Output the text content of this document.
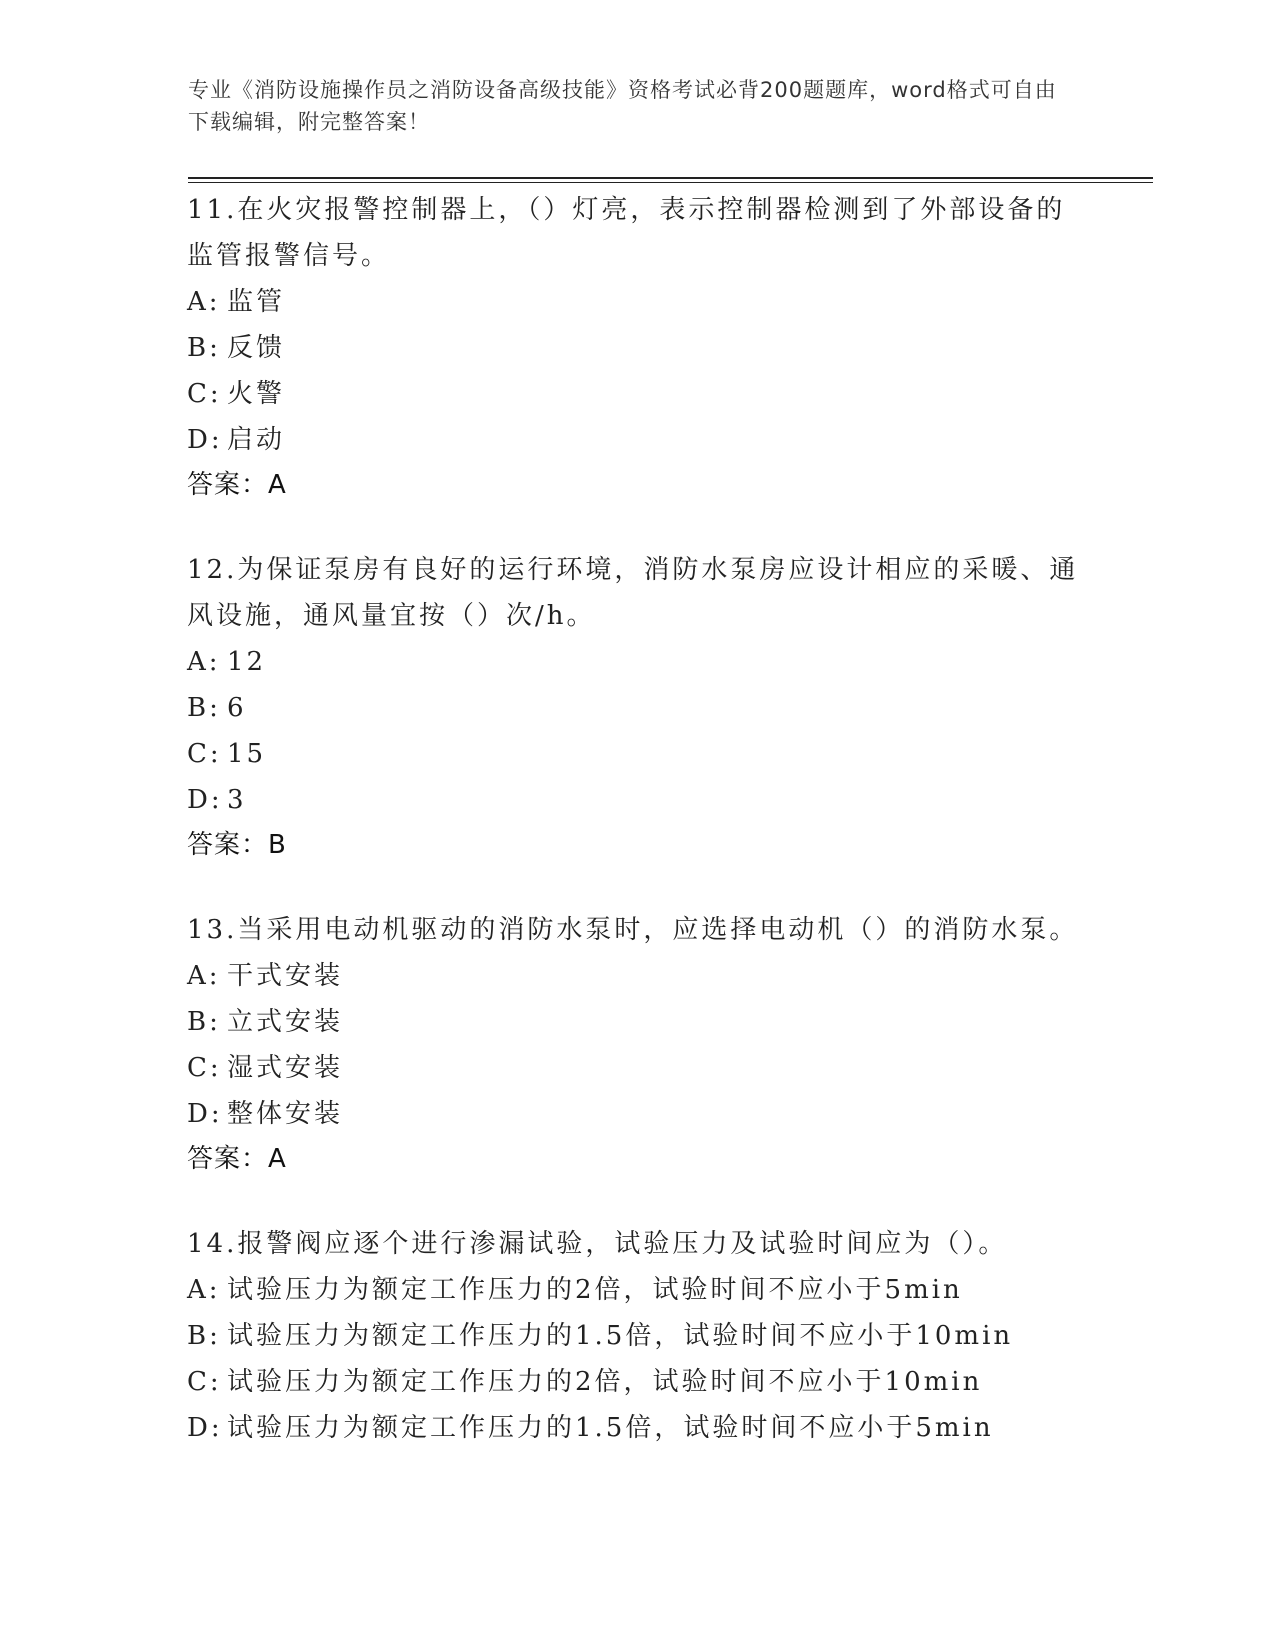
专业《消防设施操作员之消防设备高级技能》资格考试必背200题题库，word格式可自由下载编辑，附完整答案！

11.在火灾报警控制器上，（）灯亮，表示控制器检测到了外部设备的监管报警信号。

A: 监管

B: 反馈

C: 火警

D: 启动

答案：A

12.为保证泵房有良好的运行环境，消防水泵房应设计相应的采暖、通风设施，通风量宜按（）次/h。

A: 12

B: 6

C: 15

D: 3

答案：B

13.当采用电动机驱动的消防水泵时，应选择电动机（）的消防水泵。

A: 干式安装

B: 立式安装

C: 湿式安装

D: 整体安装

答案：A

14.报警阀应逐个进行渗漏试验，试验压力及试验时间应为（）。

A: 试验压力为额定工作压力的2倍，试验时间不应小于5min

B: 试验压力为额定工作压力的1.5倍，试验时间不应小于10min

C: 试验压力为额定工作压力的2倍，试验时间不应小于10min

D: 试验压力为额定工作压力的1.5倍，试验时间不应小于5min
